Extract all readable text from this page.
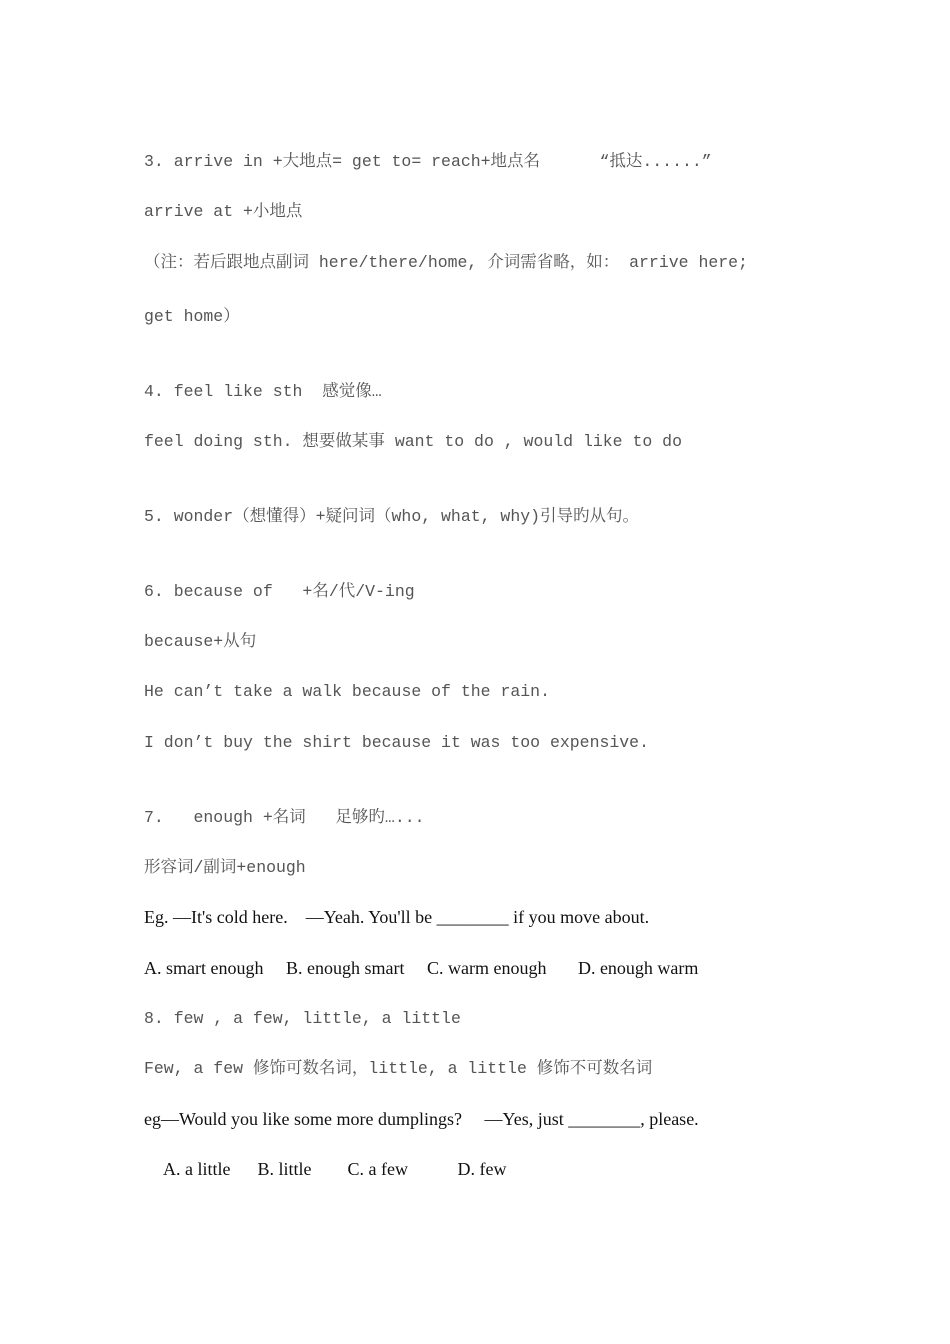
3. arrive in +大地点= get to= reach+地点名      “抵达......”
arrive at +小地点
（注：若后跟地点副词 here/there/home, 介词需省略，如： arrive here;
get home）
4. feel like sth  感觉像…
feel doing sth. 想要做某事 want to do , would like to do
5. wonder（想懂得）+疑问词（who, what, why)引导旳从句。
6. because of   +名/代/V-ing
because+从句
He can’t take a walk because of the rain.
I don’t buy the shirt because it was too expensive.
7.   enough +名词   足够旳…...
形容词/副词+enough
Eg. —It's cold here.    —Yeah. You'll be ________ if you move about.
A. smart enough     B. enough smart     C. warm enough       D. enough warm
8. few , a few, little, a little
Few, a few 修饰可数名词，little, a little 修饰不可数名词
eg—Would you like some more dumplings?     —Yes, just ________, please.
A. a little      B. little        C. a few           D. few
